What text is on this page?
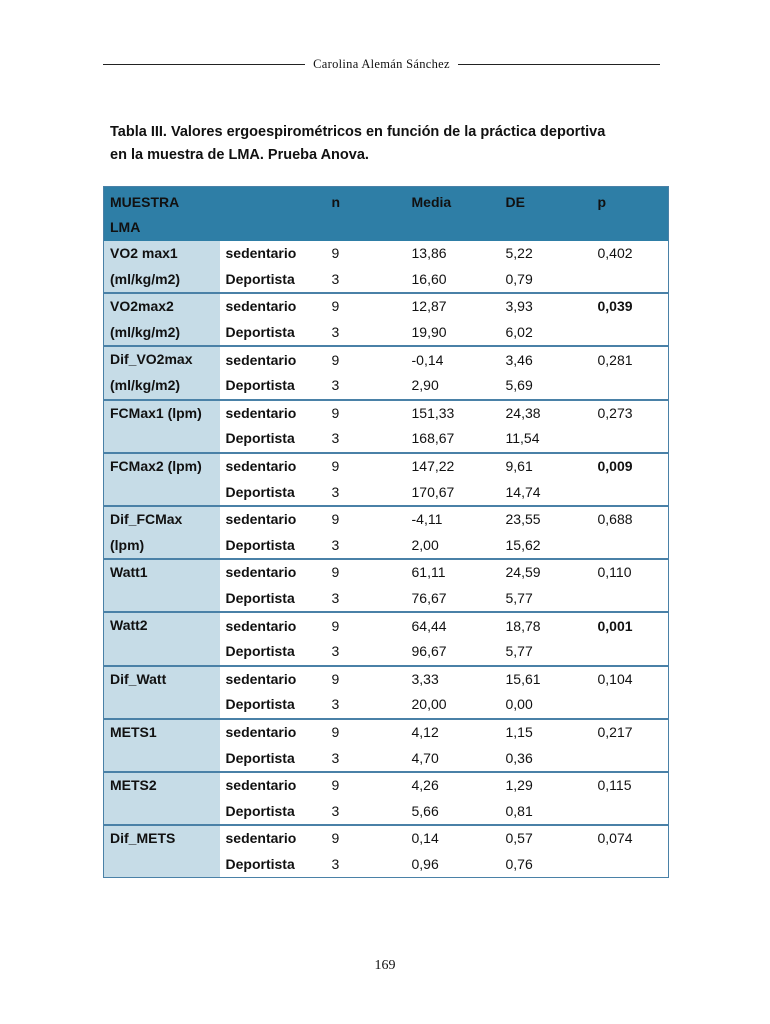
Carolina Alemán Sánchez
Tabla III. Valores ergoespirométricos en función de la práctica deportiva
en la muestra de LMA. Prueba Anova.
MUESTRA
LMA		n	Media	DE	p

VO2 max1	sedentario	9	13,86	5,22	0,402

(ml/kg/m2)	Deportista	3	16,60	0,79	

VO2max2	sedentario	9	12,87	3,93	0,039

(ml/kg/m2)	Deportista	3	19,90	6,02	

Dif_VO2max	sedentario	9	-0,14	3,46	0,281

(ml/kg/m2)	Deportista	3	2,90	5,69	

FCMax1 (lpm)	sedentario	9	151,33	24,38	0,273
	Deportista	3	168,67	11,54	

FCMax2 (lpm)	sedentario	9	147,22	9,61	0,009
	Deportista	3	170,67	14,74	

Dif_FCMax	sedentario	9	-4,11	23,55	0,688

(lpm)	Deportista	3	2,00	15,62	

Watt1	sedentario	9	61,11	24,59	0,110
	Deportista	3	76,67	5,77	

Watt2	sedentario	9	64,44	18,78	0,001
	Deportista	3	96,67	5,77	

Dif_Watt	sedentario	9	3,33	15,61	0,104
	Deportista	3	20,00	0,00	

METS1	sedentario	9	4,12	1,15	0,217
	Deportista	3	4,70	0,36	

METS2	sedentario	9	4,26	1,29	0,115
	Deportista	3	5,66	0,81	

Dif_METS	sedentario	9	0,14	0,57	0,074
	Deportista	3	0,96	0,76	
169
